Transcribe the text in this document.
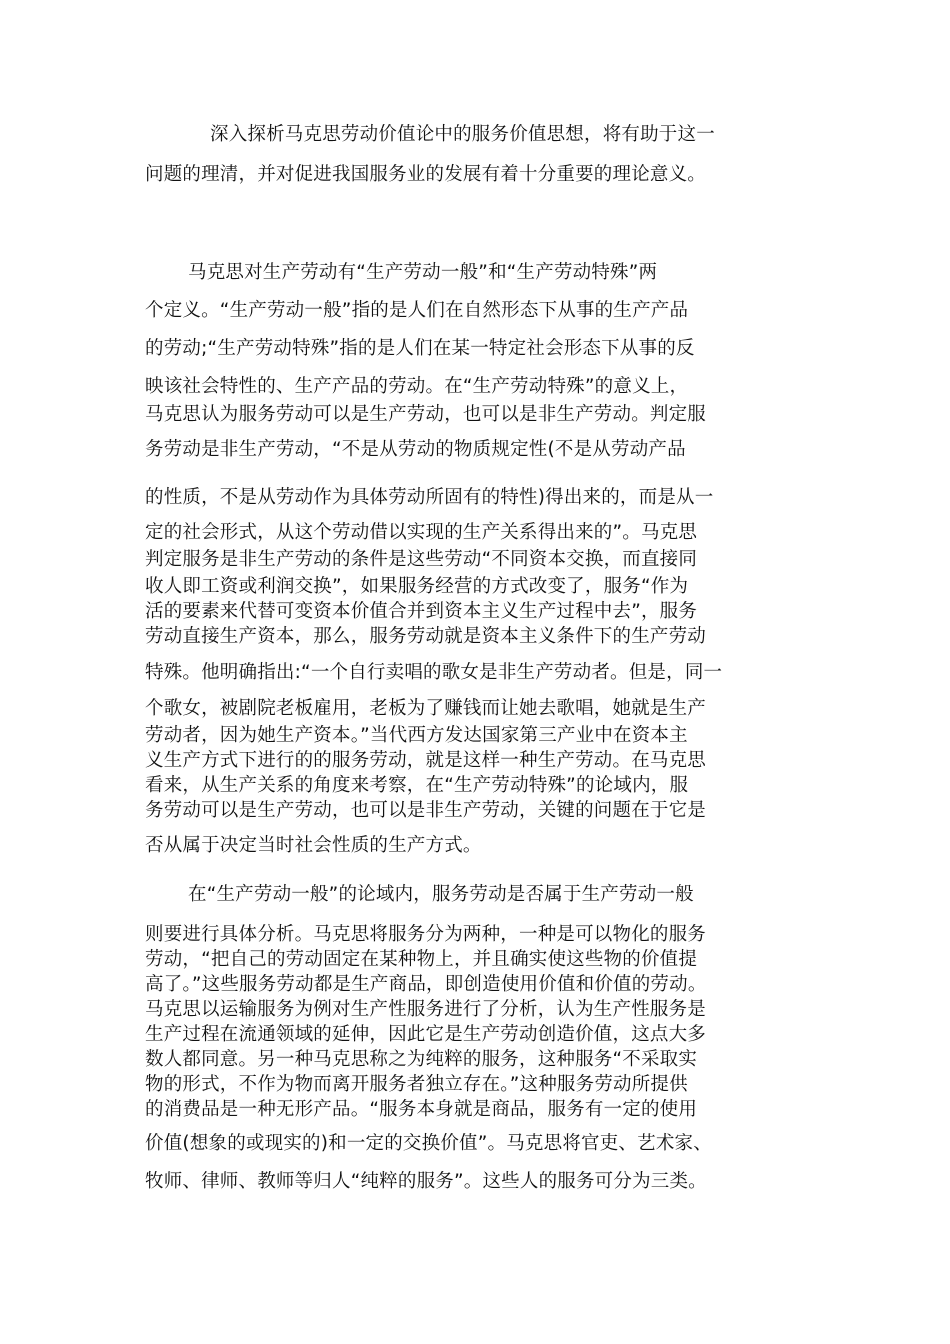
深入探析马克思劳动价值论中的服务价值思想，将有助于这一
问题的理清，并对促进我国服务业的发展有着十分重要的理论意义。
马克思对生产劳动有“生产劳动一般”和“生产劳动特殊”两
个定义。“生产劳动一般”指的是人们在自然形态下从事的生产产品
的劳动;“生产劳动特殊”指的是人们在某一特定社会形态下从事的反
映该社会特性的、生产产品的劳动。在“生产劳动特殊”的意义上，
马克思认为服务劳动可以是生产劳动，也可以是非生产劳动。判定服
务劳动是非生产劳动，“不是从劳动的物质规定性(不是从劳动产品
的性质，不是从劳动作为具体劳动所固有的特性)得出来的，而是从一
定的社会形式，从这个劳动借以实现的生产关系得出来的”。马克思
判定服务是非生产劳动的条件是这些劳动“不同资本交换，而直接同
收人即工资或利润交换”，如果服务经营的方式改变了，服务“作为
活的要素来代替可变资本价值合并到资本主义生产过程中去”，服务
劳动直接生产资本，那么，服务劳动就是资本主义条件下的生产劳动
特殊。他明确指出:“一个自行卖唱的歌女是非生产劳动者。但是，同一
个歌女，被剧院老板雇用，老板为了赚钱而让她去歌唱，她就是生产
劳动者，因为她生产资本。”当代西方发达国家第三产业中在资本主
义生产方式下进行的的服务劳动，就是这样一种生产劳动。在马克思
看来，从生产关系的角度来考察，在“生产劳动特殊”的论域内，服
务劳动可以是生产劳动，也可以是非生产劳动，关键的问题在于它是
否从属于决定当时社会性质的生产方式。
在“生产劳动一般”的论域内，服务劳动是否属于生产劳动一般
则要进行具体分析。马克思将服务分为两种，一种是可以物化的服务
劳动，“把自己的劳动固定在某种物上，并且确实使这些物的价值提
高了。”这些服务劳动都是生产商品，即创造使用价值和价值的劳动。
马克思以运输服务为例对生产性服务进行了分析，认为生产性服务是
生产过程在流通领域的延伸，因此它是生产劳动创造价值，这点大多
数人都同意。另一种马克思称之为纯粹的服务，这种服务“不采取实
物的形式，不作为物而离开服务者独立存在。”这种服务劳动所提供
的消费品是一种无形产品。“服务本身就是商品，服务有一定的使用
价值(想象的或现实的)和一定的交换价值”。马克思将官吏、艺术家、
牧师、律师、教师等归人“纯粹的服务”。这些人的服务可分为三类。
